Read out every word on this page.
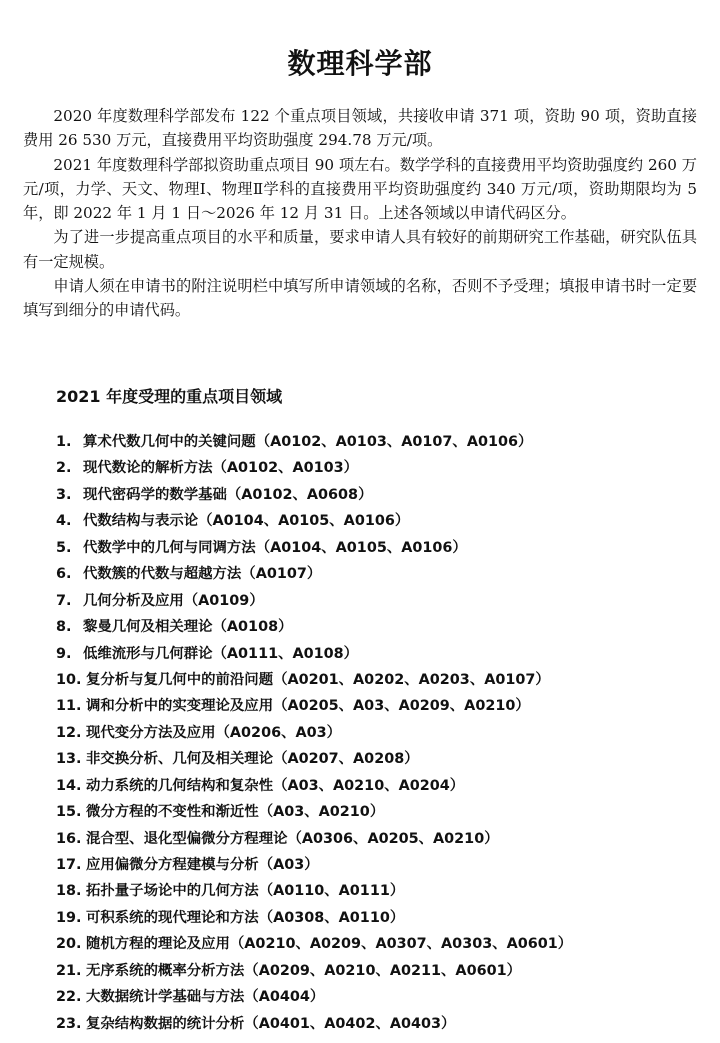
数理科学部

2020 年度数理科学部发布 122 个重点项目领域，共接收申请 371 项，资助 90 项，资助直接费用 26 530 万元，直接费用平均资助强度 294.78 万元/项。

2021 年度数理科学部拟资助重点项目 90 项左右。数学学科的直接费用平均资助强度约 260 万元/项，力学、天文、物理Ⅰ、物理Ⅱ学科的直接费用平均资助强度约 340 万元/项，资助期限均为 5 年，即 2022 年 1 月 1 日～2026 年 12 月 31 日。上述各领域以申请代码区分。

为了进一步提高重点项目的水平和质量，要求申请人具有较好的前期研究工作基础，研究队伍具有一定规模。

申请人须在申请书的附注说明栏中填写所申请领域的名称，否则不予受理；填报申请书时一定要填写到细分的申请代码。

2021 年度受理的重点项目领域
1. 算术代数几何中的关键问题（A0102、A0103、A0107、A0106）
2. 现代数论的解析方法（A0102、A0103）
3. 现代密码学的数学基础（A0102、A0608）
4. 代数结构与表示论（A0104、A0105、A0106）
5. 代数学中的几何与同调方法（A0104、A0105、A0106）
6. 代数簇的代数与超越方法（A0107）
7. 几何分析及应用（A0109）
8. 黎曼几何及相关理论（A0108）
9. 低维流形与几何群论（A0111、A0108）
10. 复分析与复几何中的前沿问题（A0201、A0202、A0203、A0107）
11. 调和分析中的实变理论及应用（A0205、A03、A0209、A0210）
12. 现代变分方法及应用（A0206、A03）
13. 非交换分析、几何及相关理论（A0207、A0208）
14. 动力系统的几何结构和复杂性（A03、A0210、A0204）
15. 微分方程的不变性和渐近性（A03、A0210）
16. 混合型、退化型偏微分方程理论（A0306、A0205、A0210）
17. 应用偏微分方程建模与分析（A03）
18. 拓扑量子场论中的几何方法（A0110、A0111）
19. 可积系统的现代理论和方法（A0308、A0110）
20. 随机方程的理论及应用（A0210、A0209、A0307、A0303、A0601）
21. 无序系统的概率分析方法（A0209、A0210、A0211、A0601）
22. 大数据统计学基础与方法（A0404）
23. 复杂结构数据的统计分析（A0401、A0402、A0403）
